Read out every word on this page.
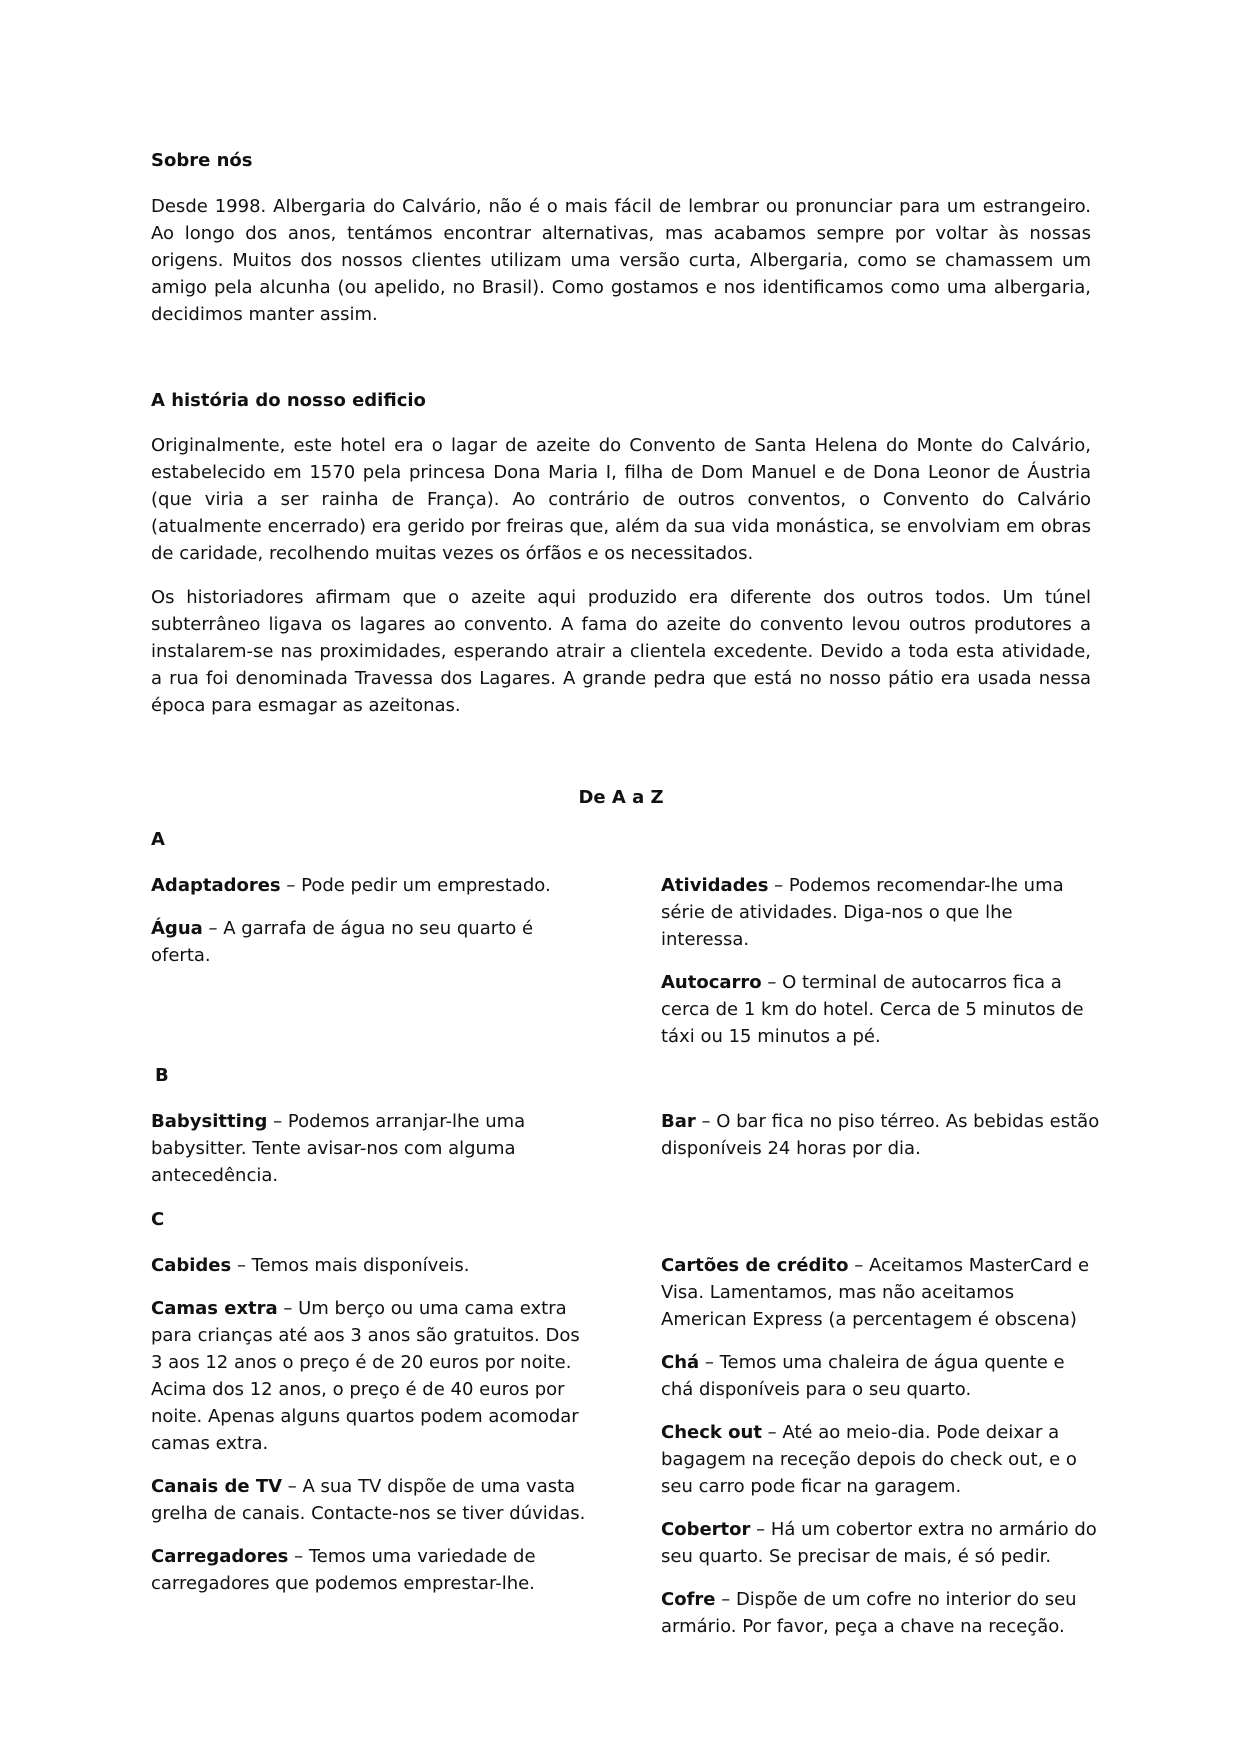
Sobre nós

Desde 1998. Albergaria do Calvário, não é o mais fácil de lembrar ou pronunciar para um estrangeiro. Ao longo dos anos, tentámos encontrar alternativas, mas acabamos sempre por voltar às nossas origens. Muitos dos nossos clientes utilizam uma versão curta, Albergaria, como se chamassem um amigo pela alcunha (ou apelido, no Brasil). Como gostamos e nos identificamos como uma albergaria, decidimos manter assim.

A história do nosso edificio

Originalmente, este hotel era o lagar de azeite do Convento de Santa Helena do Monte do Calvário, estabelecido em 1570 pela princesa Dona Maria I, filha de Dom Manuel e de Dona Leonor de Áustria (que viria a ser rainha de França). Ao contrário de outros conventos, o Convento do Calvário (atualmente encerrado) era gerido por freiras que, além da sua vida monástica, se envolviam em obras de caridade, recolhendo muitas vezes os órfãos e os necessitados.

Os historiadores afirmam que o azeite aqui produzido era diferente dos outros todos. Um túnel subterrâneo ligava os lagares ao convento. A fama do azeite do convento levou outros produtores a instalarem-se nas proximidades, esperando atrair a clientela excedente. Devido a toda esta atividade, a rua foi denominada Travessa dos Lagares. A grande pedra que está no nosso pátio era usada nessa época para esmagar as azeitonas.

De A a Z

A

Adaptadores – Pode pedir um emprestado.

Água – A garrafa de água no seu quarto é oferta.

Atividades – Podemos recomendar-lhe uma série de atividades. Diga-nos o que lhe interessa.

Autocarro – O terminal de autocarros fica a cerca de 1 km do hotel. Cerca de 5 minutos de táxi ou 15 minutos a pé.

B

Babysitting – Podemos arranjar-lhe uma babysitter. Tente avisar-nos com alguma antecedência.

Bar – O bar fica no piso térreo. As bebidas estão disponíveis 24 horas por dia.

C

Cabides – Temos mais disponíveis.

Camas extra – Um berço ou uma cama extra para crianças até aos 3 anos são gratuitos. Dos 3 aos 12 anos o preço é de 20 euros por noite. Acima dos 12 anos, o preço é de 40 euros por noite. Apenas alguns quartos podem acomodar camas extra.

Canais de TV – A sua TV dispõe de uma vasta grelha de canais. Contacte-nos se tiver dúvidas.

Carregadores – Temos uma variedade de carregadores que podemos emprestar-lhe.

Cartões de crédito – Aceitamos MasterCard e Visa. Lamentamos, mas não aceitamos American Express (a percentagem é obscena)

Chá – Temos uma chaleira de água quente e chá disponíveis para o seu quarto.

Check out – Até ao meio-dia. Pode deixar a bagagem na receção depois do check out, e o seu carro pode ficar na garagem.

Cobertor – Há um cobertor extra no armário do seu quarto. Se precisar de mais, é só pedir.

Cofre – Dispõe de um cofre no interior do seu armário. Por favor, peça a chave na receção.
